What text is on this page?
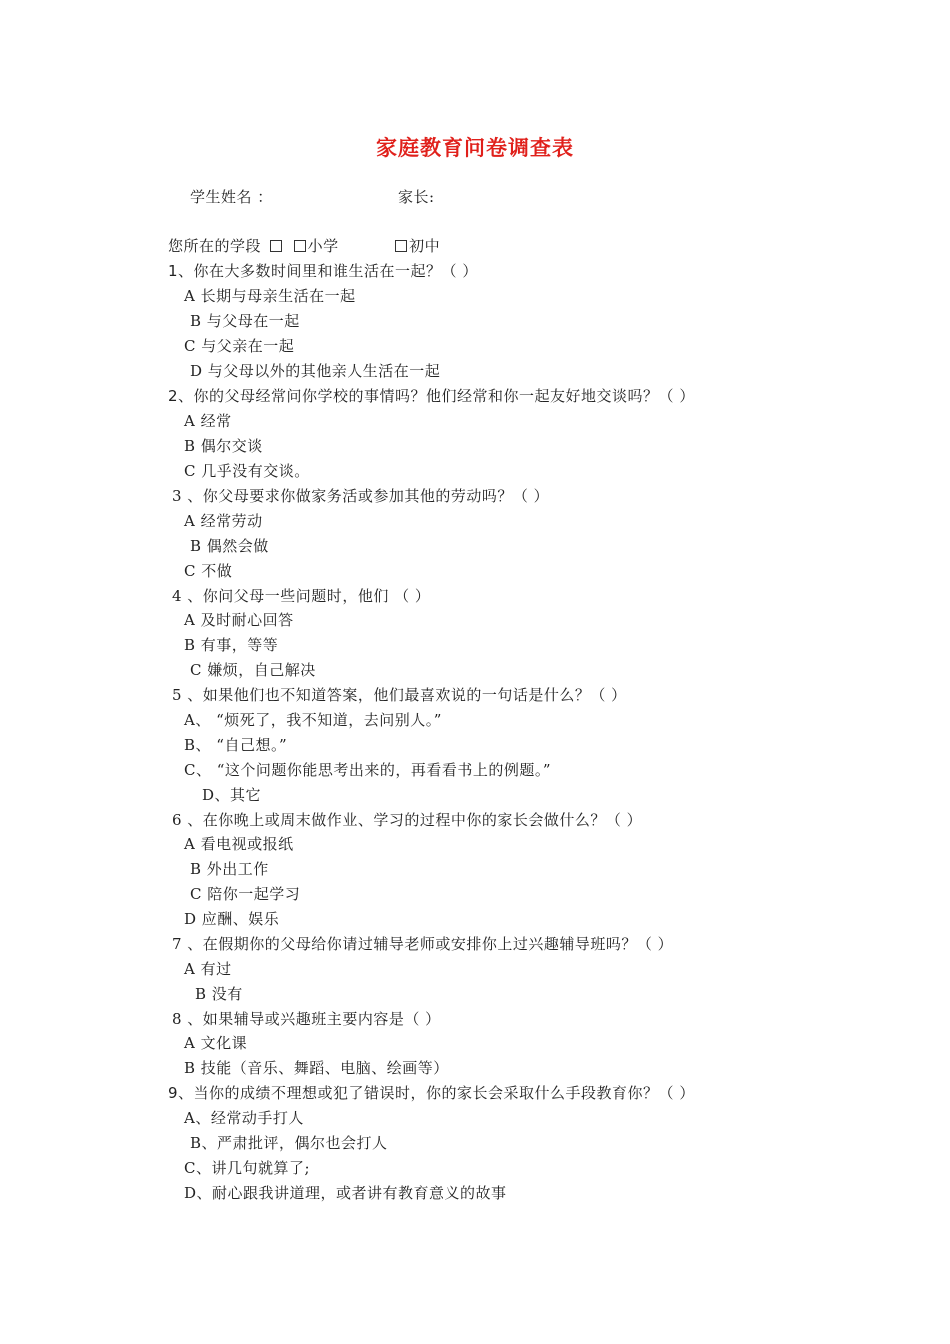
家庭教育问卷调查表
学生姓名 ：	家长:
您所在的学段	小学	初中
1、你在大多数时间里和谁生活在一起？（ ）
A 长期与母亲生活在一起
B 与父母在一起
C 与父亲在一起
D 与父母以外的其他亲人生活在一起
2、你的父母经常问你学校的事情吗？他们经常和你一起友好地交谈吗？（ ）
A 经常
B 偶尔交谈
C 几乎没有交谈。
3 、你父母要求你做家务活或参加其他的劳动吗？（ ）
A 经常劳动
B 偶然会做
C 不做
4 、你问父母一些问题时，他们 （ ）
A 及时耐心回答
B 有事，等等
C 嫌烦，自己解决
5 、如果他们也不知道答案，他们最喜欢说的一句话是什么？（ ）
A、 “烦死了，我不知道，去问别人。”
B、 “自己想。”
C、 “这个问题你能思考出来的，再看看书上的例题。”
D、其它
6 、在你晚上或周末做作业、学习的过程中你的家长会做什么？（ ）
A 看电视或报纸
B 外出工作
C 陪你一起学习
D 应酬、娱乐
7 、在假期你的父母给你请过辅导老师或安排你上过兴趣辅导班吗？（ ）
A 有过
B 没有
8 、如果辅导或兴趣班主要内容是（ ）
A 文化课
B 技能（音乐、舞蹈、电脑、绘画等）
9、当你的成绩不理想或犯了错误时，你的家长会采取什么手段教育你？（ ）
A、经常动手打人
B、严肃批评，偶尔也会打人
C、讲几句就算了;
D、耐心跟我讲道理，或者讲有教育意义的故事
